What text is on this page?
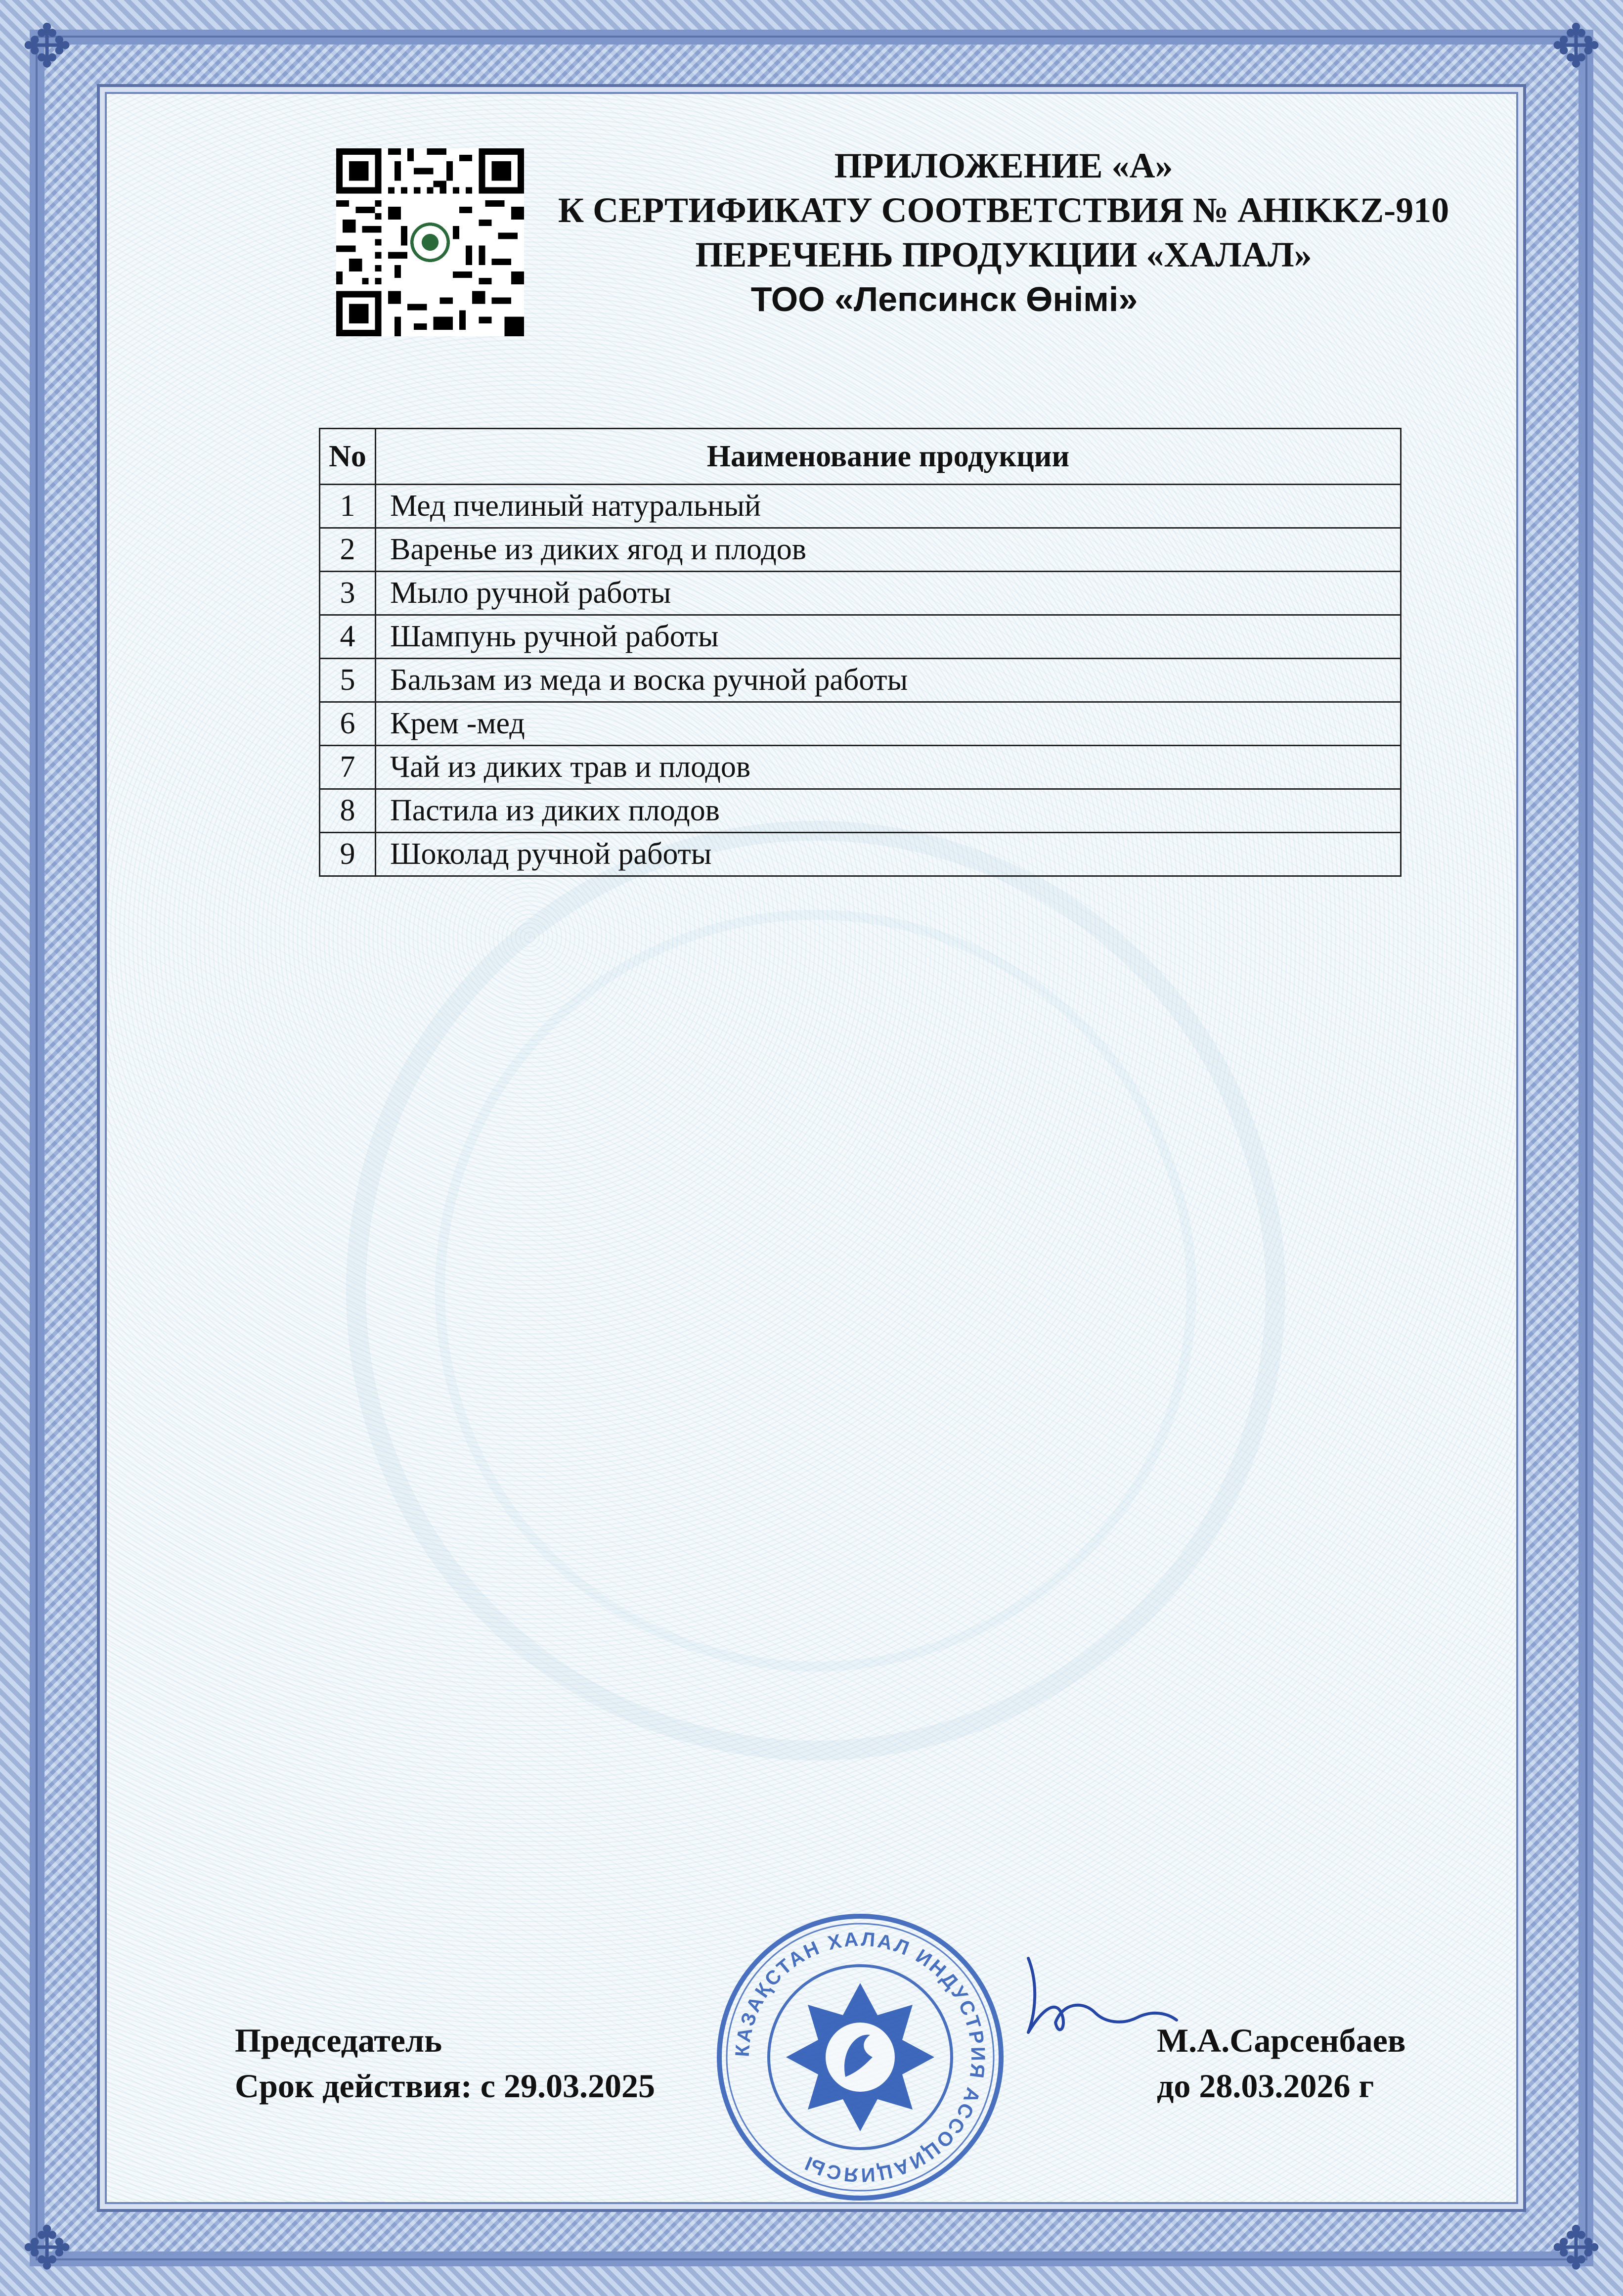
✥	✥
✥	✥
ПРИЛОЖЕНИЕ «А»
К СЕРТИФИКАТУ СООТВЕТСТВИЯ № AHIKKZ-910
ПЕРЕЧЕНЬ ПРОДУКЦИИ «ХАЛАЛ»
ТОО «Лепсинск Өнімі»
No	Наименование продукции
1	Мед пчелиный натуральный
2	Варенье из диких ягод и плодов
3	Мыло ручной работы
4	Шампунь ручной работы
5	Бальзам из меда и воска ручной работы
6	Крем -мед
7	Чай из диких трав и плодов
8	Пастила из диких плодов
9	Шоколад ручной работы
Председатель
Срок действия: с 29.03.2025
М.А.Сарсенбаев
до 28.03.2026 г
КАЗАҚСТАН ХАЛАЛ ИНДУСТРИЯ АССОЦИАЦИЯСЫ
